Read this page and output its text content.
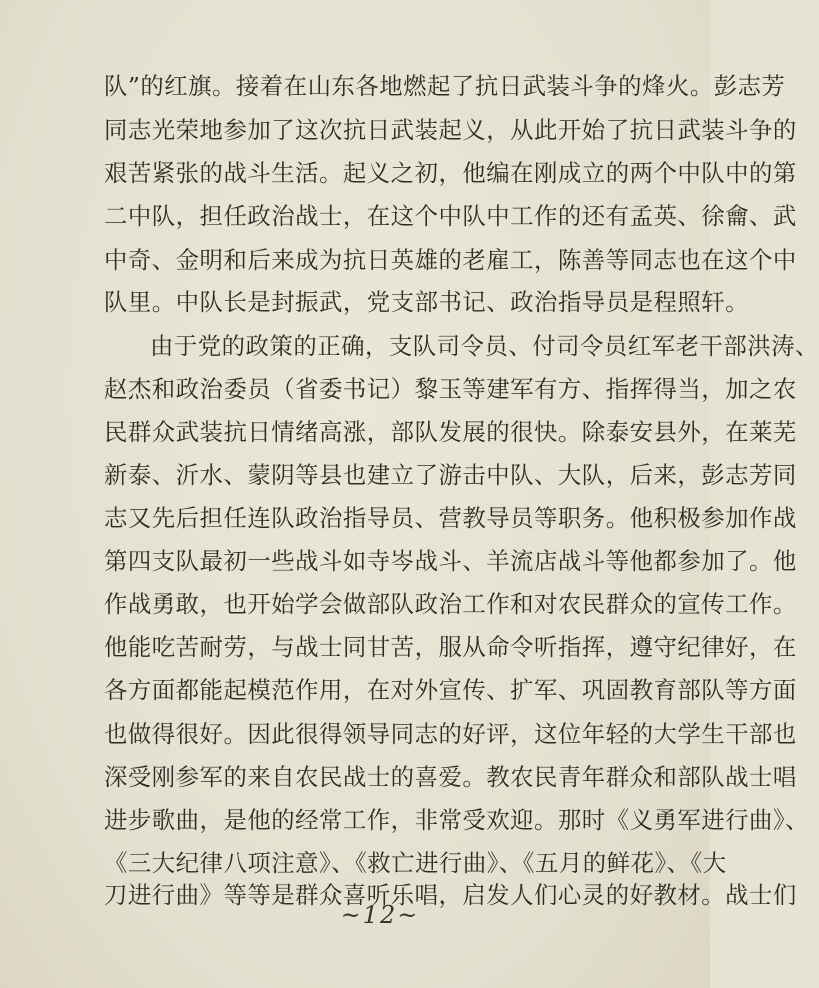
队”的红旗。接着在山东各地燃起了抗日武装斗争的烽火。彭志芳
同志光荣地参加了这次抗日武装起义，从此开始了抗日武装斗争的
艰苦紧张的战斗生活。起义之初，他编在刚成立的两个中队中的第
二中队，担任政治战士，在这个中队中工作的还有孟英、徐龠、武
中奇、金明和后来成为抗日英雄的老雇工，陈善等同志也在这个中
队里。中队长是封振武，党支部书记、政治指导员是程照轩。
由于党的政策的正确，支队司令员、付司令员红军老干部洪涛、
赵杰和政治委员（省委书记）黎玉等建军有方、指挥得当，加之农
民群众武装抗日情绪高涨，部队发展的很快。除泰安县外，在莱芜
新泰、沂水、蒙阴等县也建立了游击中队、大队，后来，彭志芳同
志又先后担任连队政治指导员、营教导员等职务。他积极参加作战
第四支队最初一些战斗如寺岑战斗、羊流店战斗等他都参加了。他
作战勇敢，也开始学会做部队政治工作和对农民群众的宣传工作。
他能吃苦耐劳，与战士同甘苦，服从命令听指挥，遵守纪律好，在
各方面都能起模范作用，在对外宣传、扩军、巩固教育部队等方面
也做得很好。因此很得领导同志的好评，这位年轻的大学生干部也
深受刚参军的来自农民战士的喜爱。教农民青年群众和部队战士唱
进步歌曲，是他的经常工作，非常受欢迎。那时《义勇军进行曲》、
《三大纪律八项注意》、《救亡进行曲》、《五月的鲜花》、《大
刀进行曲》等等是群众喜听乐唱，启发人们心灵的好教材。战士们
~12~
